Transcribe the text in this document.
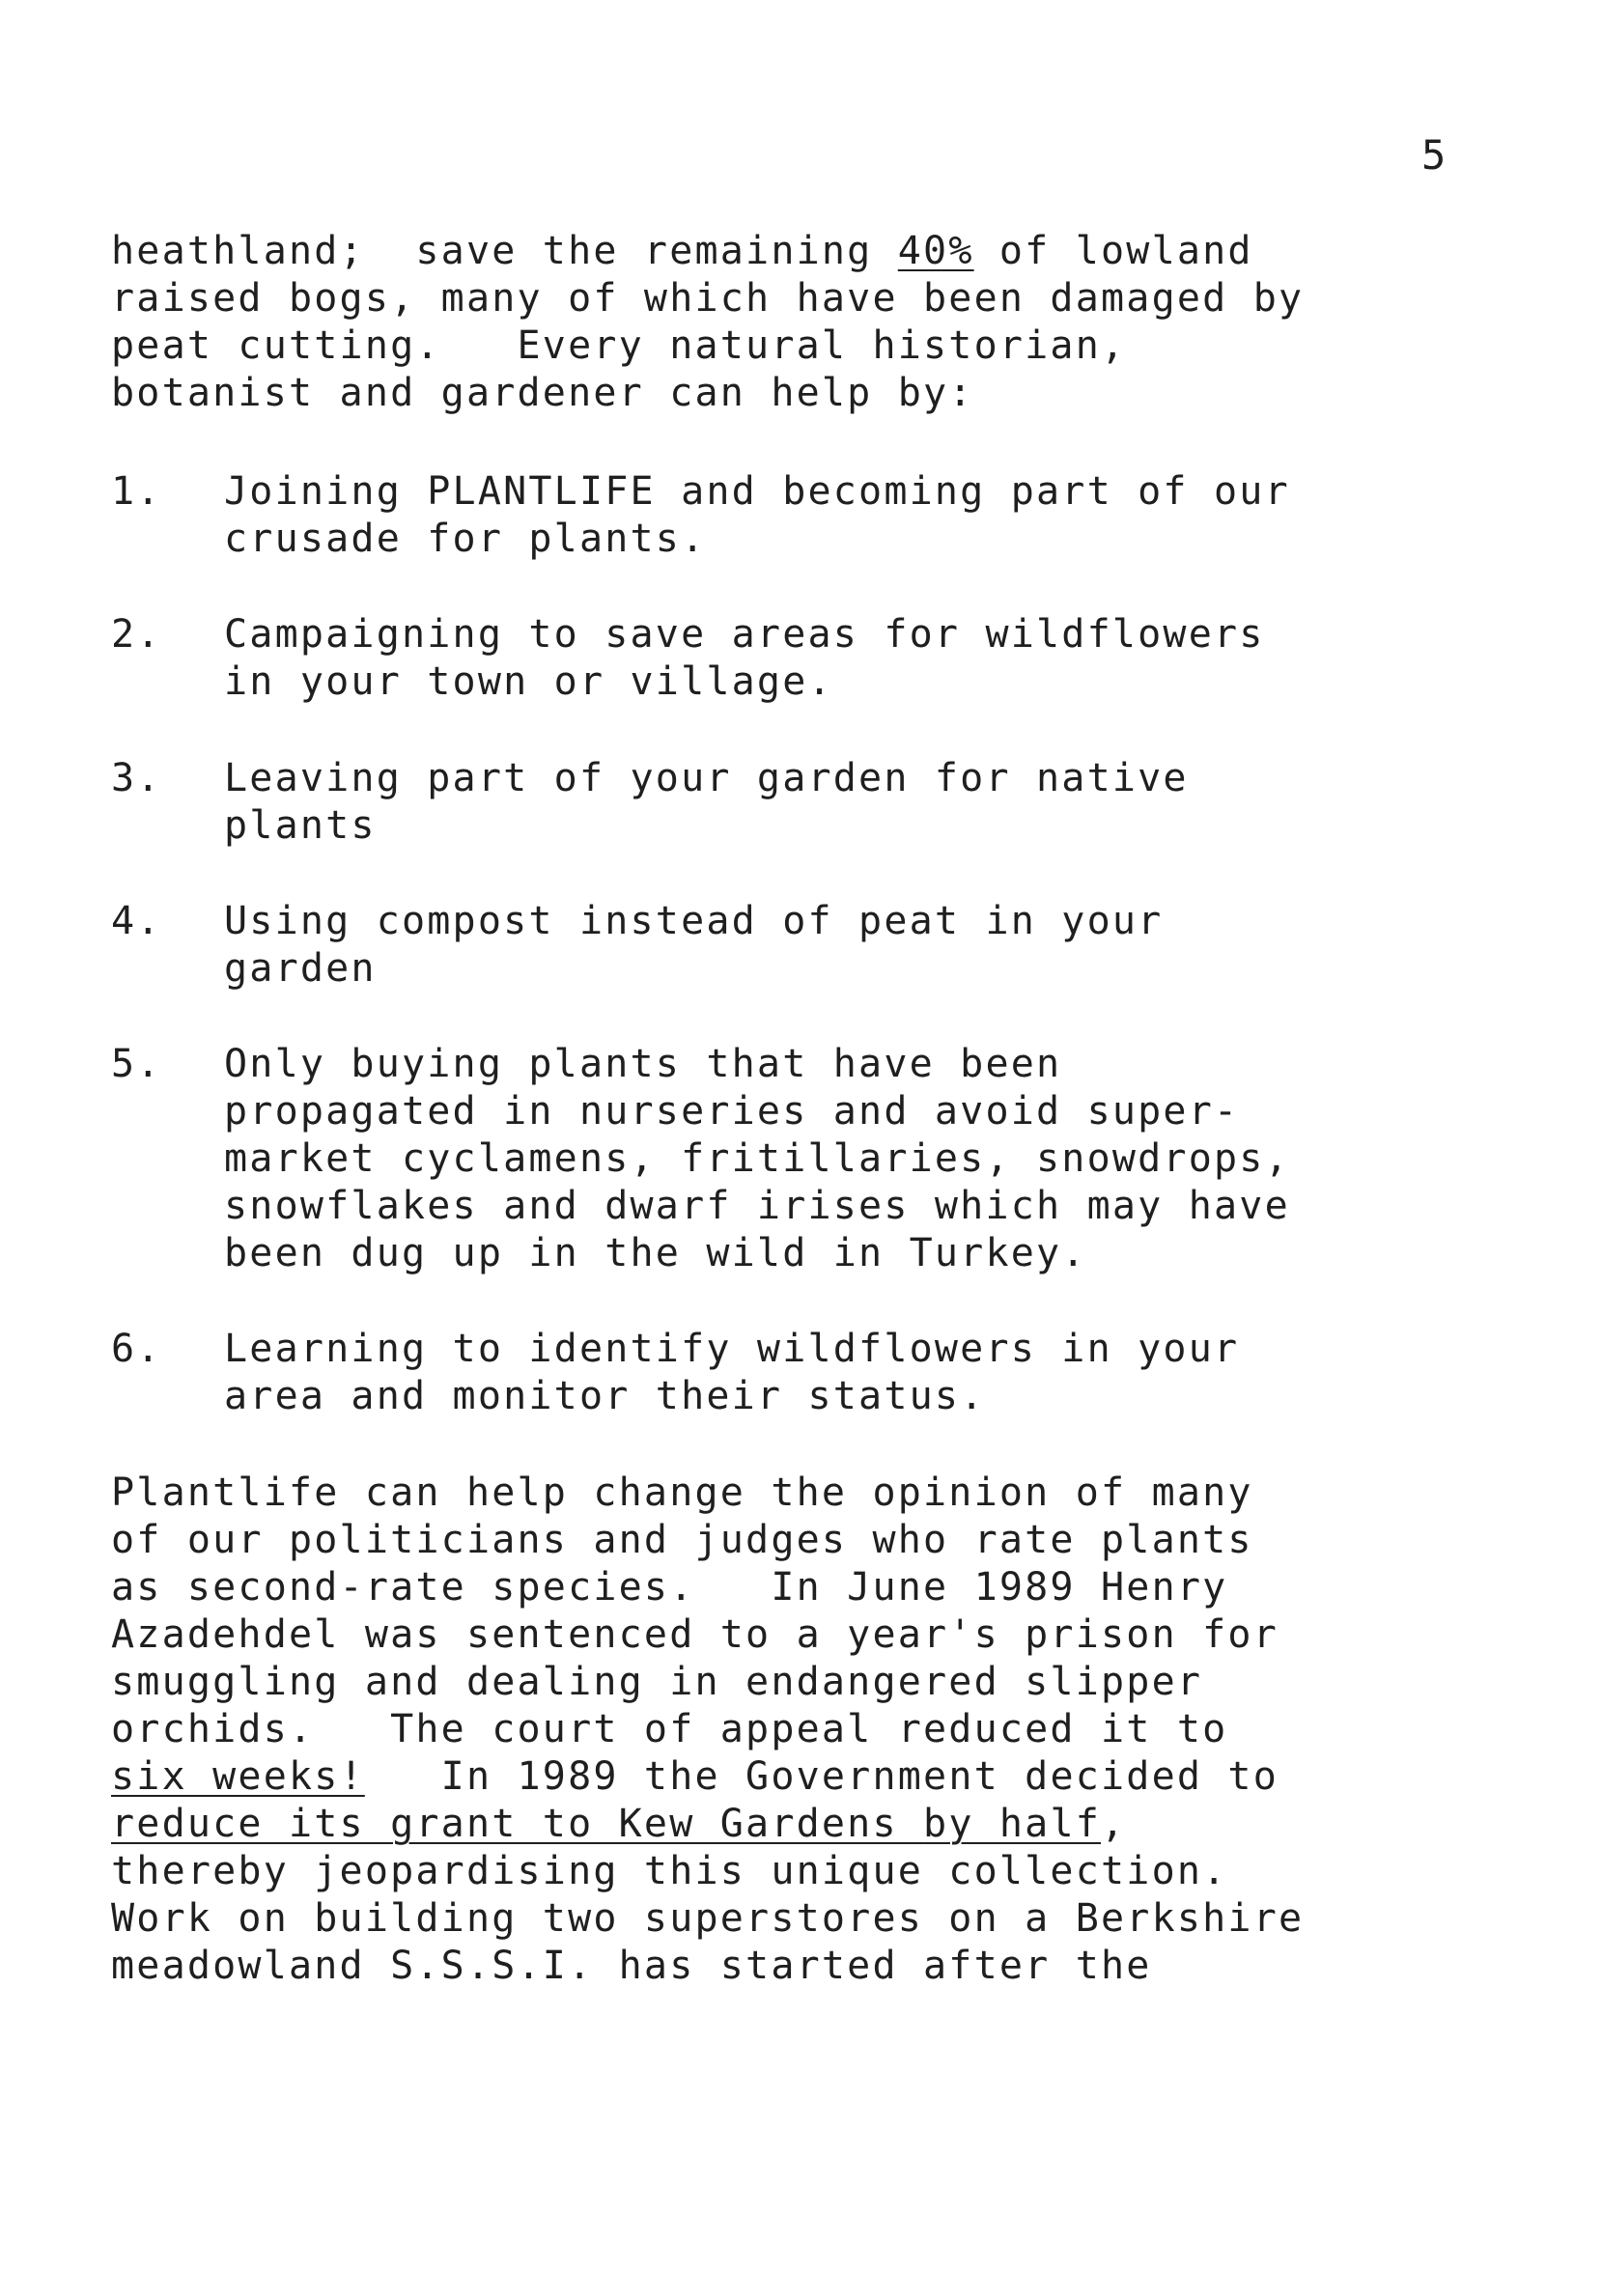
5
heathland;  save the remaining 40% of lowland
raised bogs, many of which have been damaged by
peat cutting.   Every natural historian,
botanist and gardener can help by:
1. Joining PLANTLIFE and becoming part of our
crusade for plants.
2. Campaigning to save areas for wildflowers
in your town or village.
3. Leaving part of your garden for native
plants
4. Using compost instead of peat in your
garden
5. Only buying plants that have been
propagated in nurseries and avoid super-
market cyclamens, fritillaries, snowdrops,
snowflakes and dwarf irises which may have
been dug up in the wild in Turkey.
6. Learning to identify wildflowers in your
area and monitor their status.
Plantlife can help change the opinion of many
of our politicians and judges who rate plants
as second-rate species.   In June 1989 Henry
Azadehdel was sentenced to a year's prison for
smuggling and dealing in endangered slipper
orchids.   The court of appeal reduced it to
six weeks!   In 1989 the Government decided to
reduce its grant to Kew Gardens by half,
thereby jeopardising this unique collection.
Work on building two superstores on a Berkshire
meadowland S.S.S.I. has started after the
